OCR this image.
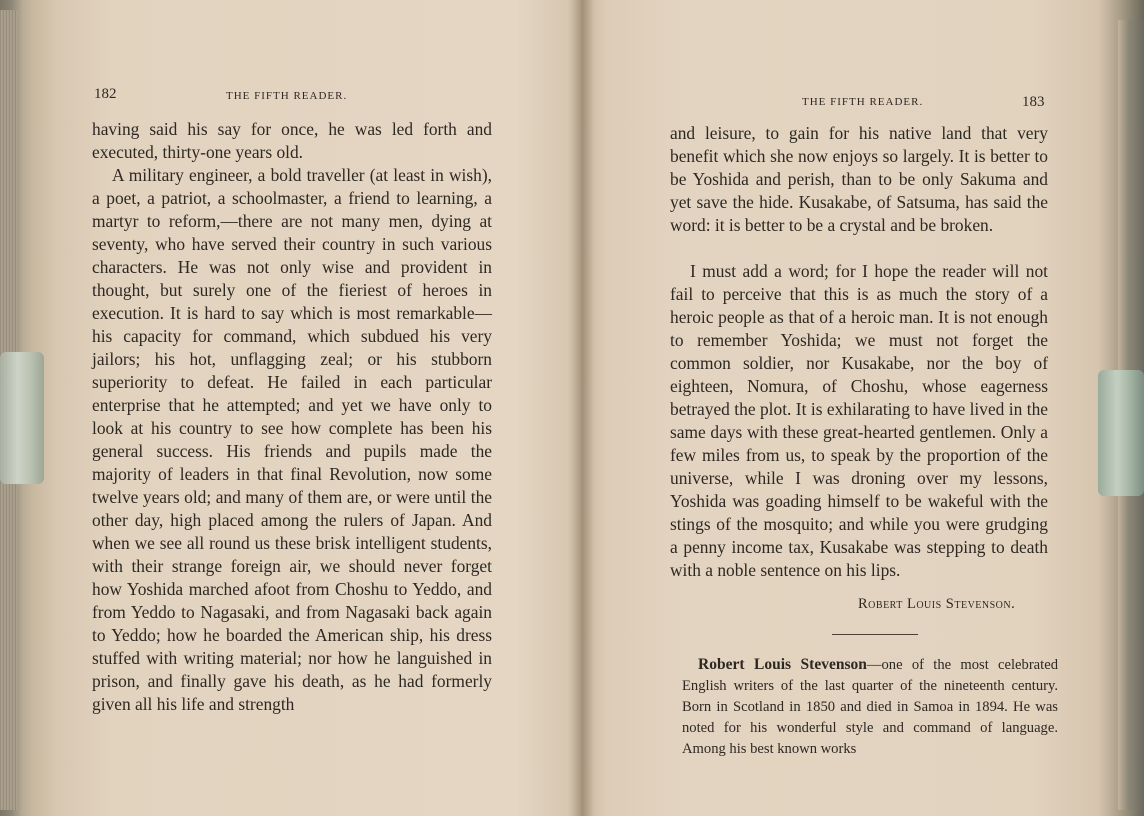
182	THE FIFTH READER.

having said his say for once, he was led forth and executed, thirty-one years old.

A military engineer, a bold traveller (at least in wish), a poet, a patriot, a schoolmaster, a friend to learning, a martyr to reform,—there are not many men, dying at seventy, who have served their country in such various characters. He was not only wise and provident in thought, but surely one of the fieriest of heroes in execution. It is hard to say which is most remarkable—his capacity for command, which subdued his very jailors; his hot, unflagging zeal; or his stubborn superiority to defeat. He failed in each particular enterprise that he attempted; and yet we have only to look at his country to see how complete has been his general success. His friends and pupils made the majority of leaders in that final Revolution, now some twelve years old; and many of them are, or were until the other day, high placed among the rulers of Japan. And when we see all round us these brisk intelligent students, with their strange foreign air, we should never forget how Yoshida marched afoot from Choshu to Yeddo, and from Yeddo to Nagasaki, and from Nagasaki back again to Yeddo; how he boarded the American ship, his dress stuffed with writing material; nor how he languished in prison, and finally gave his death, as he had formerly given all his life and strength

THE FIFTH READER.	183

and leisure, to gain for his native land that very benefit which she now enjoys so largely. It is better to be Yoshida and perish, than to be only Sakuma and yet save the hide. Kusakabe, of Satsuma, has said the word: it is better to be a crystal and be broken.

I must add a word; for I hope the reader will not fail to perceive that this is as much the story of a heroic people as that of a heroic man. It is not enough to remember Yoshida; we must not forget the common soldier, nor Kusakabe, nor the boy of eighteen, Nomura, of Choshu, whose eagerness betrayed the plot. It is exhilarating to have lived in the same days with these great-hearted gentlemen. Only a few miles from us, to speak by the proportion of the universe, while I was droning over my lessons, Yoshida was goading himself to be wakeful with the stings of the mosquito; and while you were grudging a penny income tax, Kusakabe was stepping to death with a noble sentence on his lips.

Robert Louis Stevenson.

Robert Louis Stevenson—one of the most celebrated English writers of the last quarter of the nineteenth century. Born in Scotland in 1850 and died in Samoa in 1894. He was noted for his wonderful style and command of language. Among his best known works
